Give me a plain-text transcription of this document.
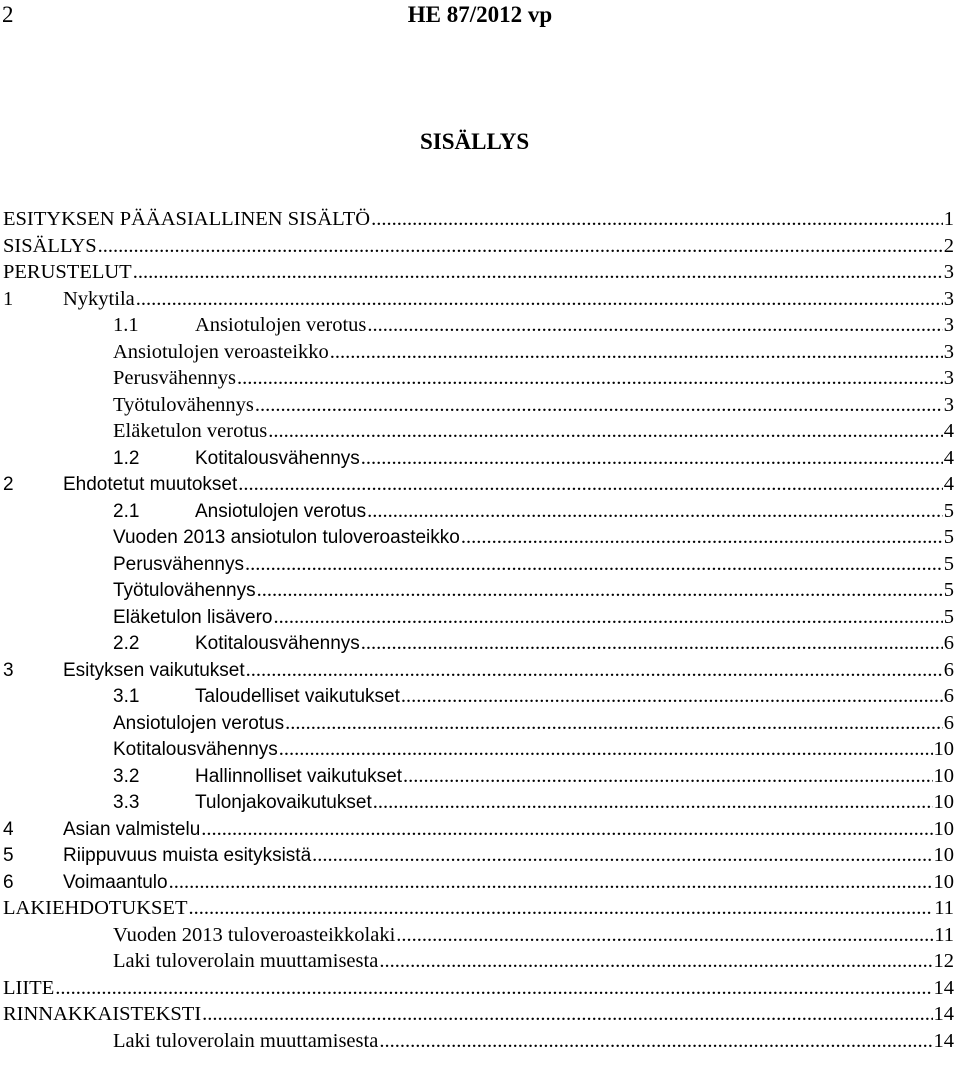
2	HE 87/2012 vp
SISÄLLYS
ESITYKSEN PÄÄASIALLINEN SISÄLTÖ .....	1
SISÄLLYS .....	2
PERUSTELUT .....	3
1	Nykytila .....	3
1.1	Ansiotulojen verotus .....	3
Ansiotulojen veroasteikko .....	3
Perusvähennys .....	3
Työtulovähennys .....	3
Eläketulon verotus .....	4
1.2	Kotitalousvähennys .....	4
2	Ehdotetut muutokset .....	4
2.1	Ansiotulojen verotus .....	5
Vuoden 2013 ansiotulon tuloveroasteikko .....	5
Perusvähennys .....	5
Työtulovähennys .....	5
Eläketulon lisävero .....	5
2.2	Kotitalousvähennys .....	6
3	Esityksen vaikutukset .....	6
3.1	Taloudelliset vaikutukset .....	6
Ansiotulojen verotus .....	6
Kotitalousvähennys .....	10
3.2	Hallinnolliset vaikutukset .....	10
3.3	Tulonjakovaikutukset .....	10
4	Asian valmistelu .....	10
5	Riippuvuus muista esityksistä .....	10
6	Voimaantulo .....	10
LAKIEHDOTUKSET .....	11
Vuoden 2013 tuloveroasteikkolaki .....	11
Laki tuloverolain muuttamisesta .....	12
LIITE .....	14
RINNAKKAISTEKSTI .....	14
Laki tuloverolain muuttamisesta .....	14
